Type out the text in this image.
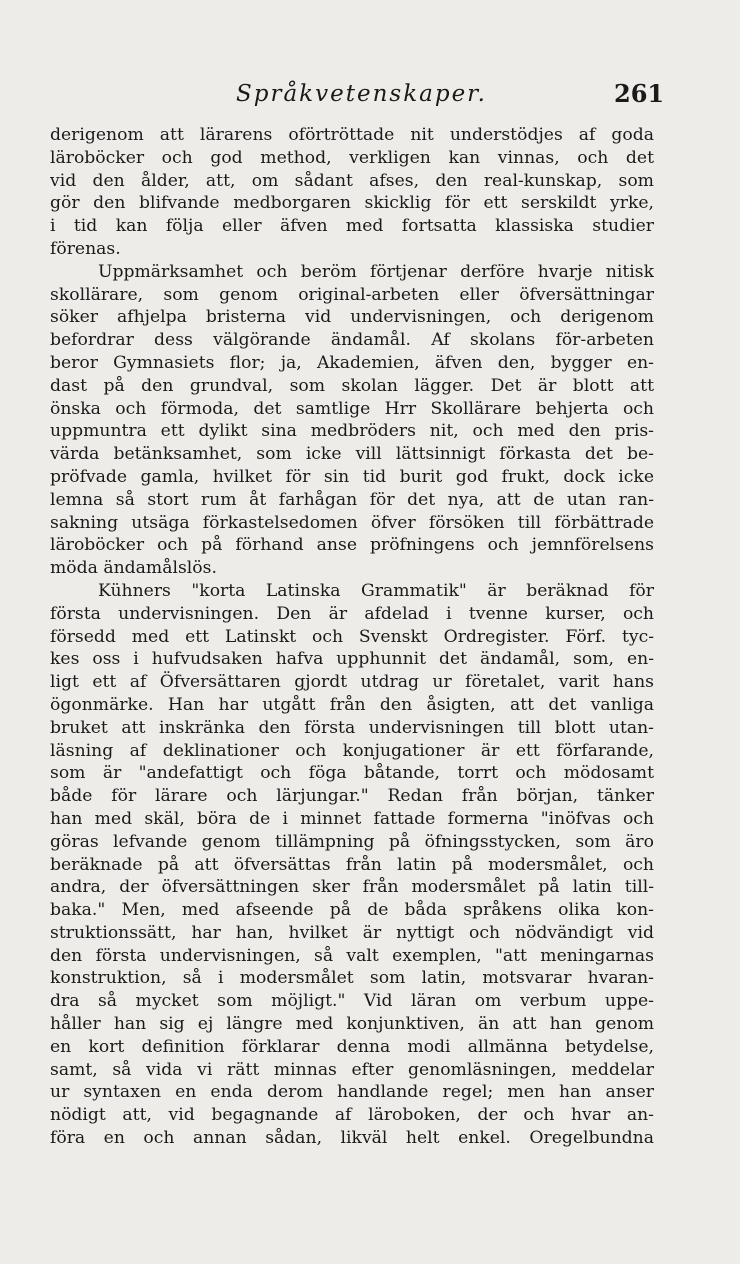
Språkvetenskaper.	261
derigenom att lärarens oförtröttade nit understödjes af goda
läroböcker och god method, verkligen kan vinnas, och det
vid den ålder, att, om sådant afses, den real-kunskap, som
gör den blifvande medborgaren skicklig för ett serskildt yrke,
i tid kan följa eller äfven med fortsatta klassiska studier
förenas.
Uppmärksamhet och beröm förtjenar derföre hvarje nitisk
skollärare, som genom original-arbeten eller öfversättningar
söker afhjelpa bristerna vid undervisningen, och derigenom
befordrar dess välgörande ändamål. Af skolans för-arbeten
beror Gymnasiets flor; ja, Akademien, äfven den, bygger en-
dast på den grundval, som skolan lägger. Det är blott att
önska och förmoda, det samtlige Hrr Skollärare behjerta och
uppmuntra ett dylikt sina medbröders nit, och med den pris-
värda betänksamhet, som icke vill lättsinnigt förkasta det be-
pröfvade gamla, hvilket för sin tid burit god frukt, dock icke
lemna så stort rum åt farhågan för det nya, att de utan ran-
sakning utsäga förkastelsedomen öfver försöken till förbättrade
läroböcker och på förhand anse pröfningens och jemnförelsens
möda ändamålslös.
Kühners "korta Latinska Grammatik" är beräknad för
första undervisningen. Den är afdelad i tvenne kurser, och
försedd med ett Latinskt och Svenskt Ordregister. Förf. tyc-
kes oss i hufvudsaken hafva upphunnit det ändamål, som, en-
ligt ett af Öfversättaren gjordt utdrag ur företalet, varit hans
ögonmärke. Han har utgått från den åsigten, att det vanliga
bruket att inskränka den första undervisningen till blott utan-
läsning af deklinationer och konjugationer är ett förfarande,
som är "andefattigt och föga båtande, torrt och mödosamt
både för lärare och lärjungar." Redan från början, tänker
han med skäl, böra de i minnet fattade formerna "inöfvas och
göras lefvande genom tillämpning på öfningsstycken, som äro
beräknade på att öfversättas från latin på modersmålet, och
andra, der öfversättningen sker från modersmålet på latin till-
baka." Men, med afseende på de båda språkens olika kon-
struktionssätt, har han, hvilket är nyttigt och nödvändigt vid
den första undervisningen, så valt exemplen, "att meningarnas
konstruktion, så i modersmålet som latin, motsvarar hvaran-
dra så mycket som möjligt." Vid läran om verbum uppe-
håller han sig ej längre med konjunktiven, än att han genom
en kort definition förklarar denna modi allmänna betydelse,
samt, så vida vi rätt minnas efter genomläsningen, meddelar
ur syntaxen en enda derom handlande regel; men han anser
nödigt att, vid begagnande af läroboken, der och hvar an-
föra en och annan sådan, likväl helt enkel. Oregelbundna
